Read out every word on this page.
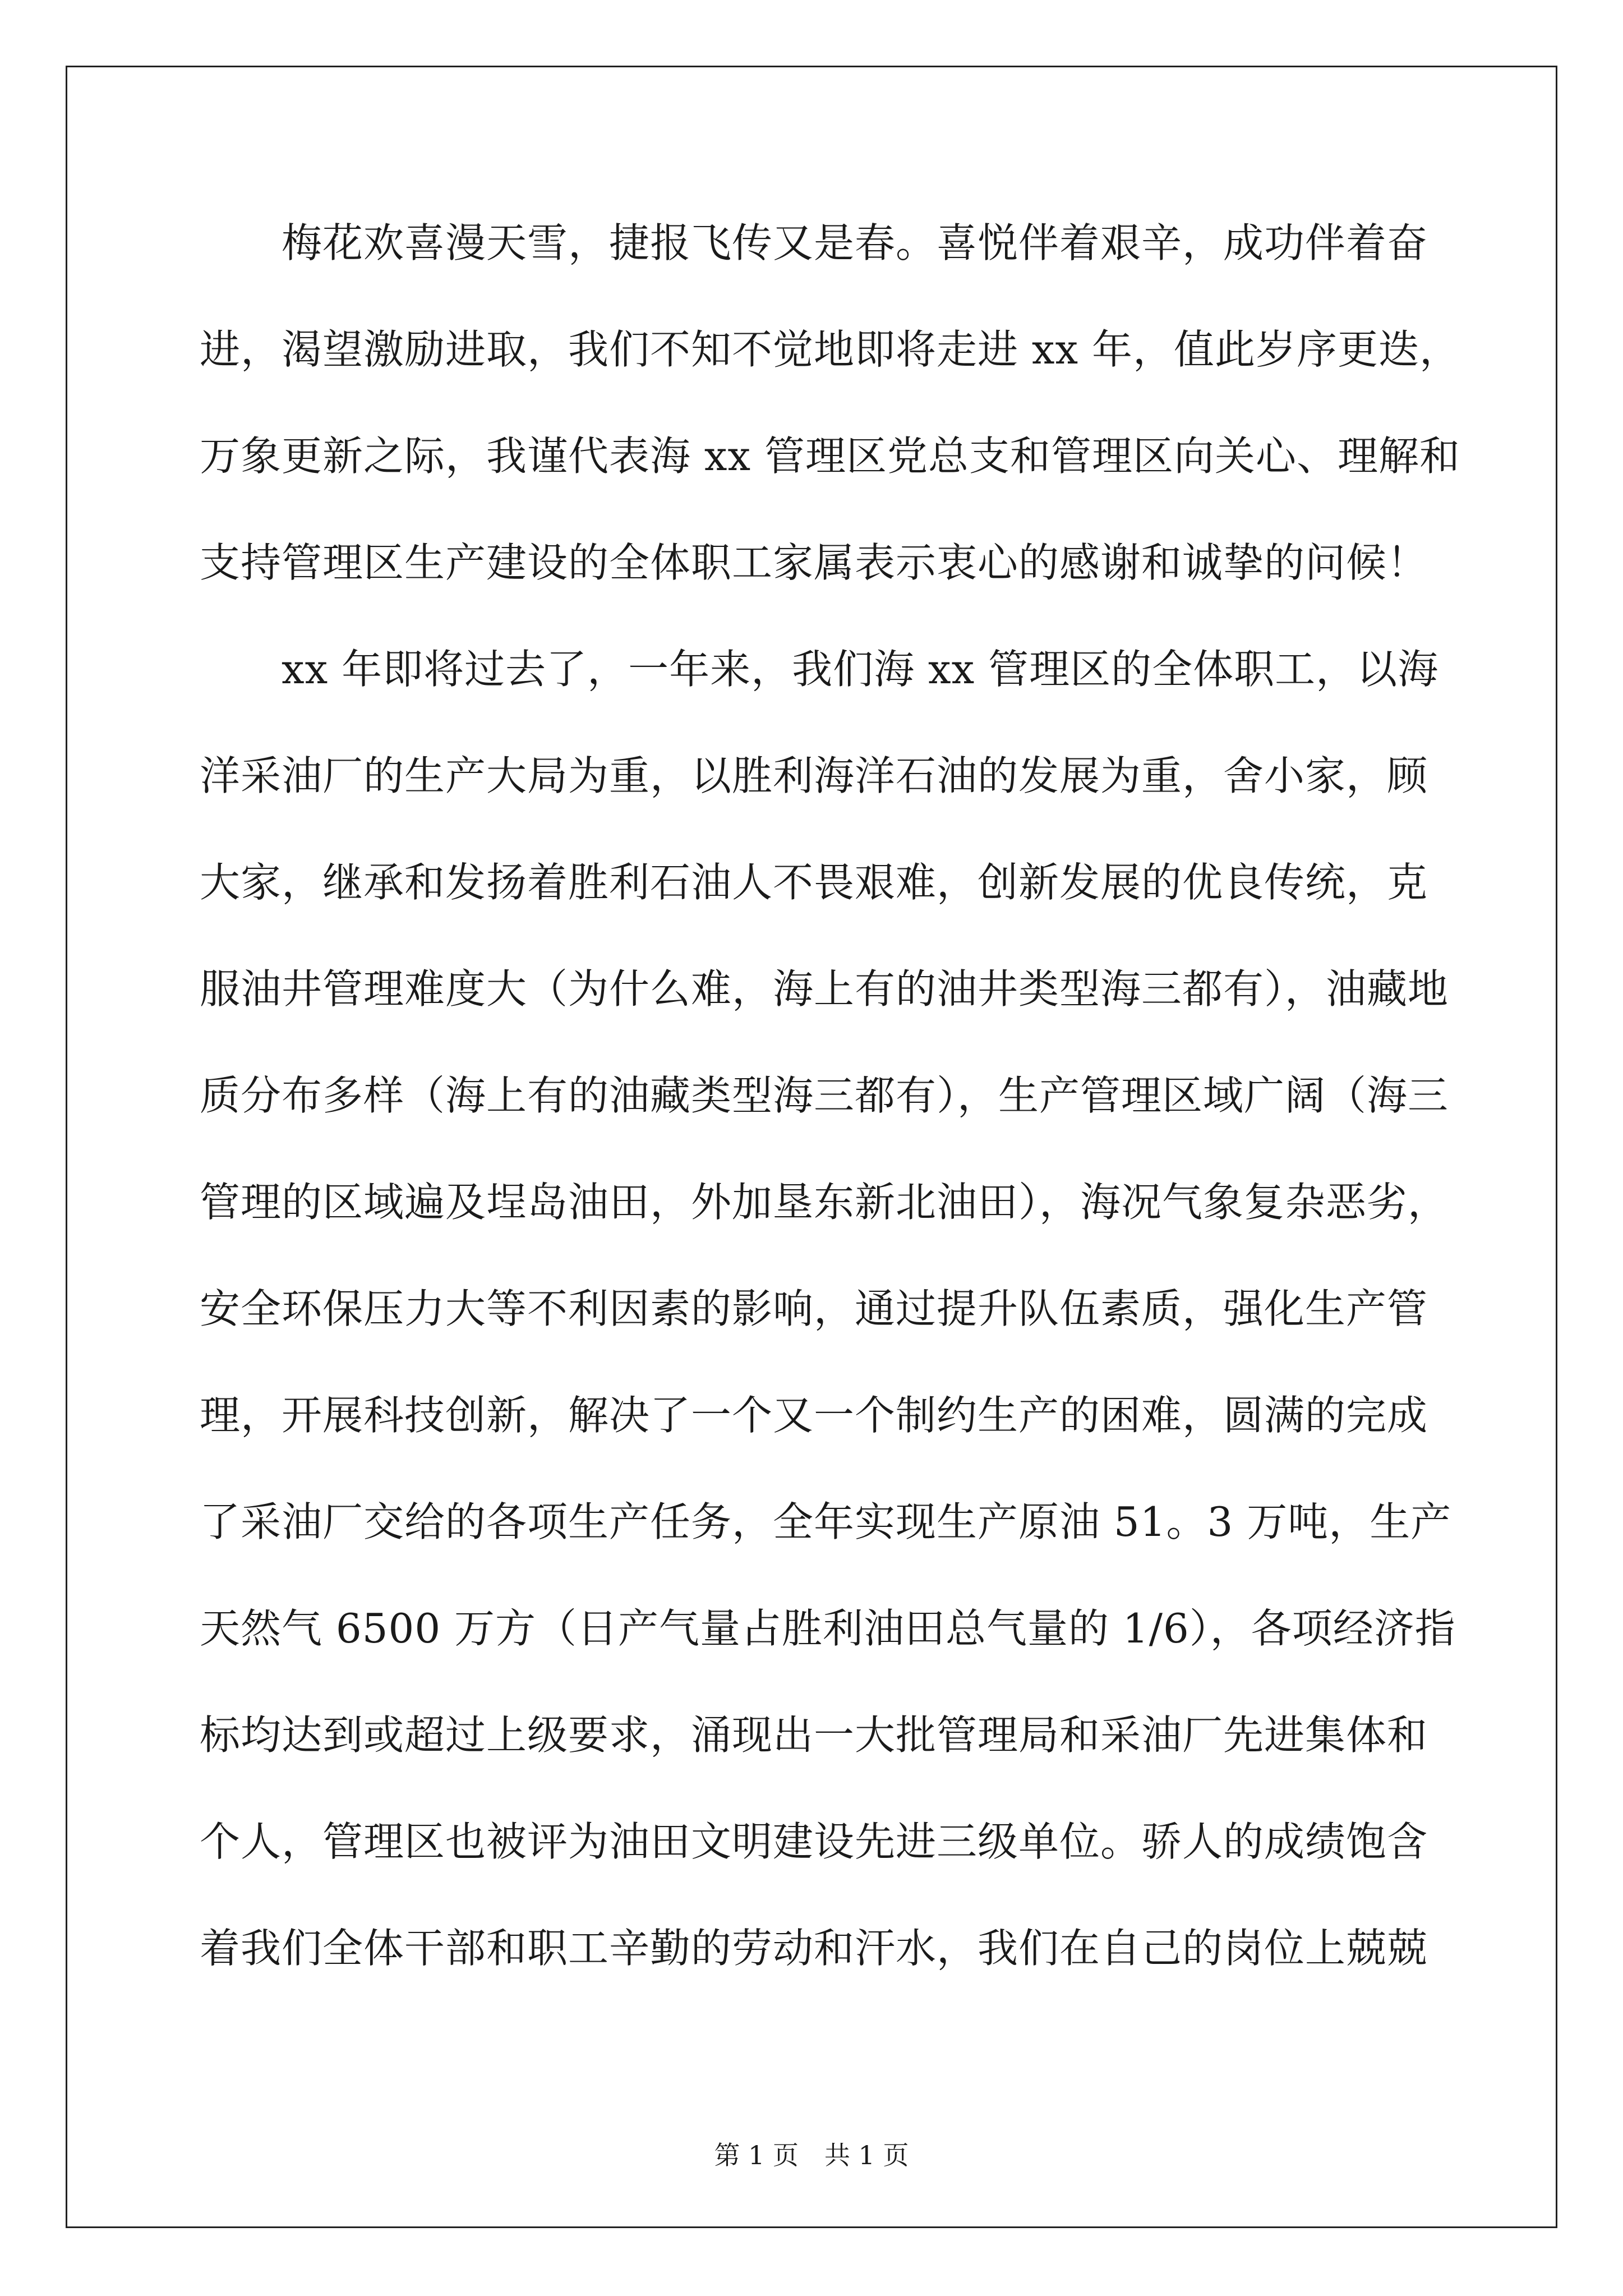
　　梅花欢喜漫天雪，捷报飞传又是春。喜悦伴着艰辛，成功伴着奋
进，渴望激励进取，我们不知不觉地即将走进 xx 年，值此岁序更迭，
万象更新之际，我谨代表海 xx 管理区党总支和管理区向关心、理解和
支持管理区生产建设的全体职工家属表示衷心的感谢和诚挚的问候！
　　xx 年即将过去了，一年来，我们海 xx 管理区的全体职工，以海
洋采油厂的生产大局为重，以胜利海洋石油的发展为重，舍小家，顾
大家，继承和发扬着胜利石油人不畏艰难，创新发展的优良传统，克
服油井管理难度大（为什么难，海上有的油井类型海三都有），油藏地
质分布多样（海上有的油藏类型海三都有），生产管理区域广阔（海三
管理的区域遍及埕岛油田，外加垦东新北油田），海况气象复杂恶劣，
安全环保压力大等不利因素的影响，通过提升队伍素质，强化生产管
理，开展科技创新，解决了一个又一个制约生产的困难，圆满的完成
了采油厂交给的各项生产任务，全年实现生产原油 51。3 万吨，生产
天然气 6500 万方（日产气量占胜利油田总气量的 1/6），各项经济指
标均达到或超过上级要求，涌现出一大批管理局和采油厂先进集体和
个人，管理区也被评为油田文明建设先进三级单位。骄人的成绩饱含
着我们全体干部和职工辛勤的劳动和汗水，我们在自己的岗位上兢兢
第 1 页　共 1 页
